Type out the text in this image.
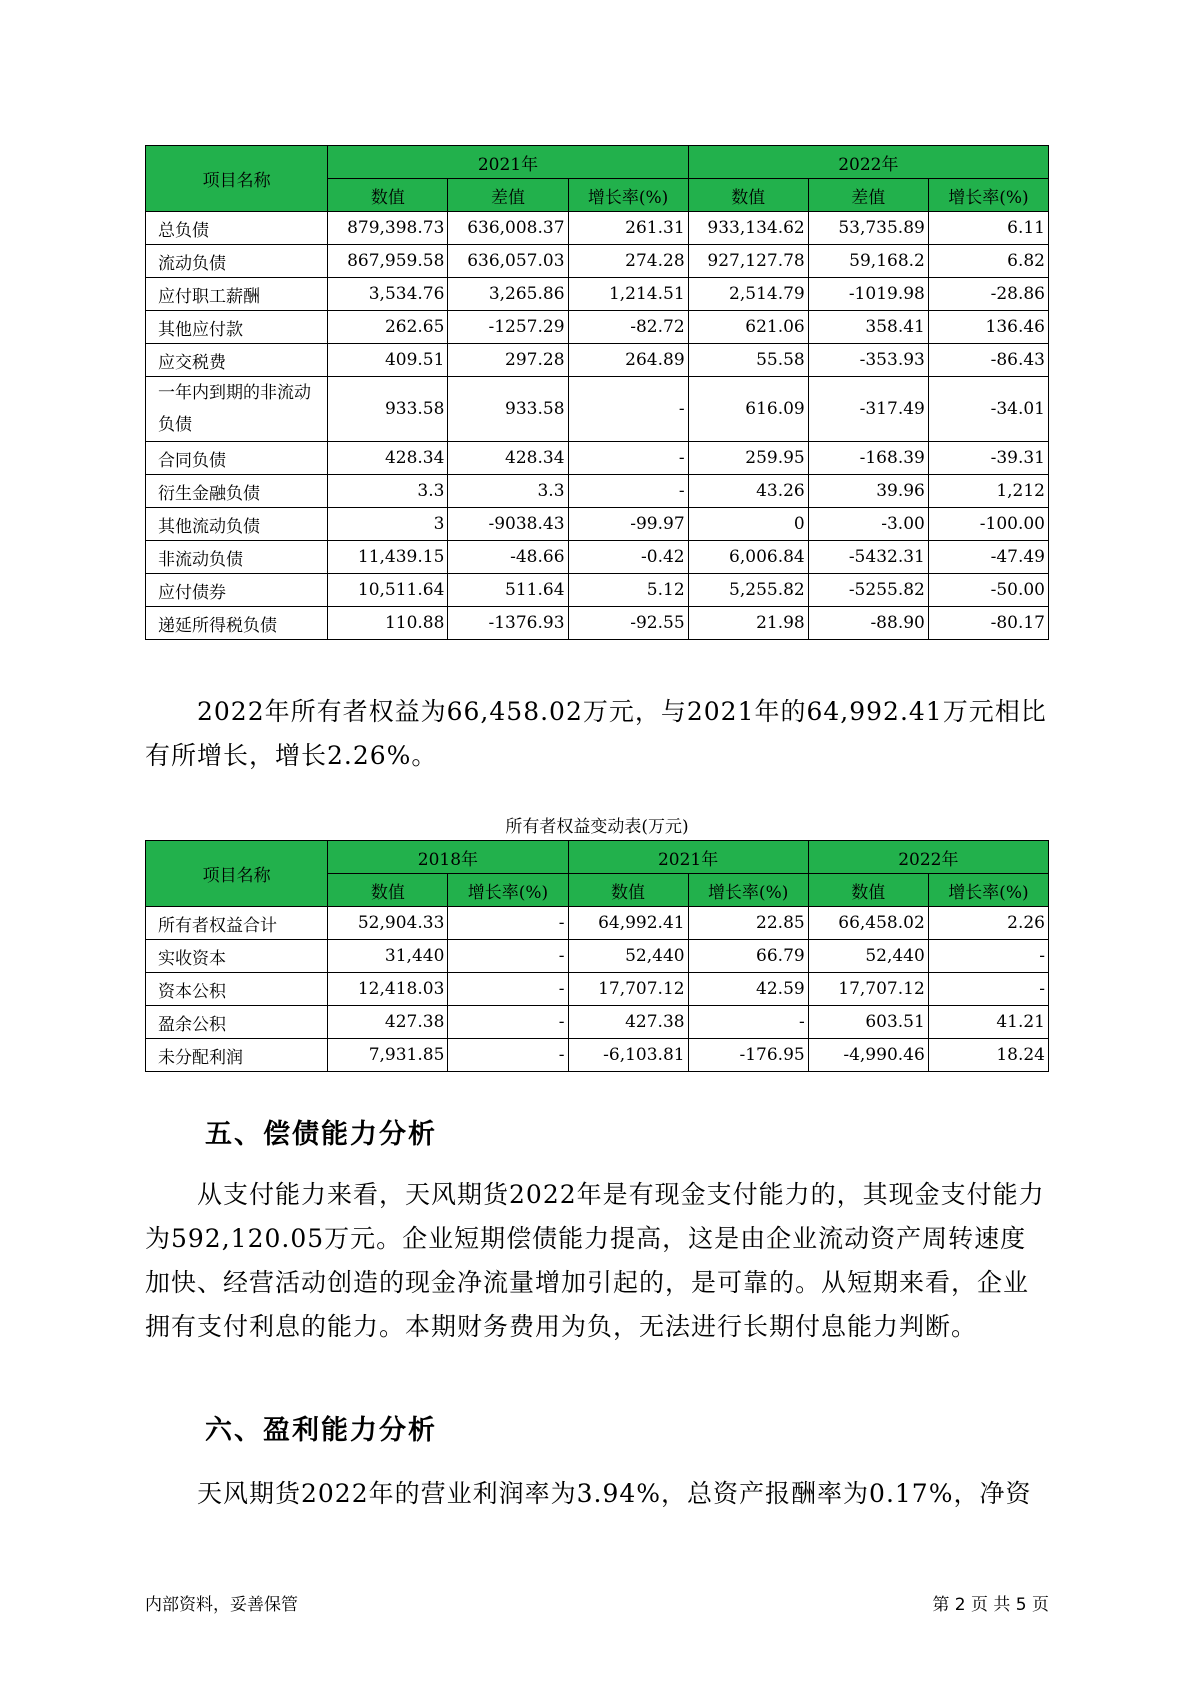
项目名称	2021年			2022年		
	数值	差值	增长率(%)	数值	差值	增长率(%)
总负债	879,398.73	636,008.37	261.31	933,134.62	53,735.89	6.11
流动负债	867,959.58	636,057.03	274.28	927,127.78	59,168.2	6.82
应付职工薪酬	3,534.76	3,265.86	1,214.51	2,514.79	-1019.98	-28.86
其他应付款	262.65	-1257.29	-82.72	621.06	358.41	136.46
应交税费	409.51	297.28	264.89	55.58	-353.93	-86.43
一年内到期的非流动负债	933.58	933.58	-	616.09	-317.49	-34.01
合同负债	428.34	428.34	-	259.95	-168.39	-39.31
衍生金融负债	3.3	3.3	-	43.26	39.96	1,212
其他流动负债	3	-9038.43	-99.97	0	-3.00	-100.00
非流动负债	11,439.15	-48.66	-0.42	6,006.84	-5432.31	-47.49
应付债券	10,511.64	511.64	5.12	5,255.82	-5255.82	-50.00
递延所得税负债	110.88	-1376.93	-92.55	21.98	-88.90	-80.17

2022年所有者权益为66,458.02万元，与2021年的64,992.41万元相比有所增长，增长2.26%。

所有者权益变动表(万元)
项目名称	2018年		2021年		2022年	
	数值	增长率(%)	数值	增长率(%)	数值	增长率(%)
所有者权益合计	52,904.33	-	64,992.41	22.85	66,458.02	2.26
实收资本	31,440	-	52,440	66.79	52,440	-
资本公积	12,418.03	-	17,707.12	42.59	17,707.12	-
盈余公积	427.38	-	427.38	-	603.51	41.21
未分配利润	7,931.85	-	-6,103.81	-176.95	-4,990.46	18.24
五、偿债能力分析

从支付能力来看，天风期货2022年是有现金支付能力的，其现金支付能力为592,120.05万元。企业短期偿债能力提高，这是由企业流动资产周转速度加快、经营活动创造的现金净流量增加引起的，是可靠的。从短期来看，企业拥有支付利息的能力。本期财务费用为负，无法进行长期付息能力判断。

六、盈利能力分析

天风期货2022年的营业利润率为3.94%，总资产报酬率为0.17%，净资

内部资料，妥善保管	第 2 页 共 5 页
